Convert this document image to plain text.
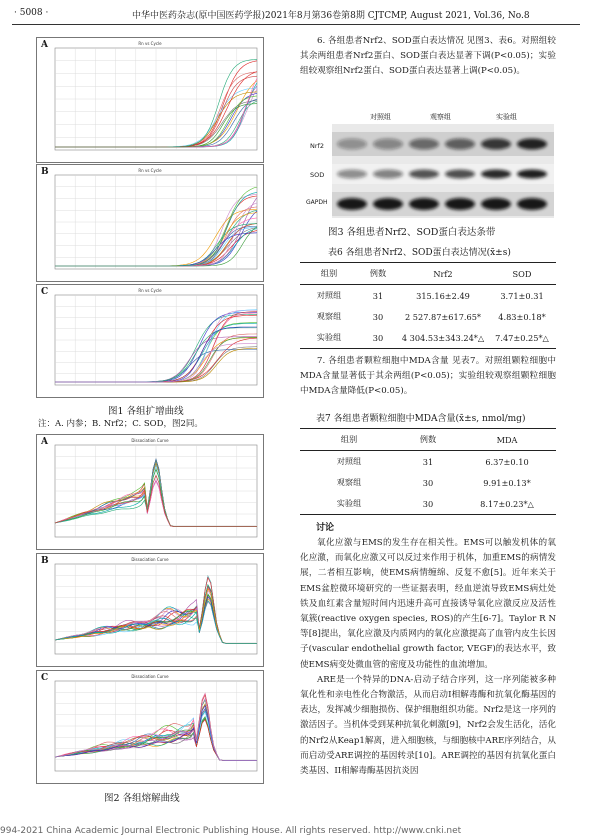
· 5008 ·	中华中医药杂志(原中国医药学报)2021年8月第36卷第8期 CJTCMP, August 2021, Vol.36, No.8
A	Rn vs Cycle
B	Rn vs Cycle
C	Rn vs Cycle
图1 各组扩增曲线
注：A. 内参；B. Nrf2；C. SOD，图2同。
A	Dissociation Curve
B	Dissociation Curve
C	Dissociation Curve
图2 各组熔解曲线

6. 各组患者Nrf2、SOD蛋白表达情况 见图3、表6。对照组较其余两组患者Nrf2蛋白、SOD蛋白表达显著下调(P<0.05)；实验组较观察组Nrf2蛋白、SOD蛋白表达显著上调(P<0.05)。

对照组	观察组	实验组
Nrf2
SOD
GAPDH
图3 各组患者Nrf2、SOD蛋白表达条带
表6 各组患者Nrf2、SOD蛋白表达情况(x̄±s)
组别	例数	Nrf2	SOD
对照组	31	315.16±2.49	3.71±0.31
观察组	30	2 527.87±617.65*	4.83±0.18*
实验组	30	4 304.53±343.24*△	7.47±0.25*△

7. 各组患者颗粒细胞中MDA含量 见表7。对照组颗粒细胞中MDA含量显著低于其余两组(P<0.05)；实验组较观察组颗粒细胞中MDA含量降低(P<0.05)。

表7 各组患者颗粒细胞中MDA含量(x̄±s, nmol/mg)
组别	例数	MDA
对照组	31	6.37±0.10
观察组	30	9.91±0.13*
实验组	30	8.17±0.23*△
讨论

氧化应激与EMS的发生存在相关性。EMS可以触发机体的氧化应激，而氧化应激又可以反过来作用于机体，加重EMS的病情发展，二者相互影响，使EMS病情缠绵、反复不愈[5]。近年来关于EMS盆腔微环境研究的一些证据表明，经血逆流导致EMS病灶处铁及血红素含量短时间内迅速升高可直接诱导氧化应激反应及活性氧簇(reactive oxygen species, ROS)的产生[6-7]。Taylor R N等[8]提出，氧化应激及内质网内的氧化应激提高了血管内皮生长因子(vascular endothelial growth factor, VEGF)的表达水平，致使EMS病变处微血管的密度及功能性的血流增加。

ARE是一个特异的DNA-启动子结合序列，这一序列能被多种氧化性和亲电性化合物激活，从而启动I相解毒酶和抗氧化酶基因的表达，发挥减少细胞损伤、保护细胞组织功能。Nrf2是这一序列的激活因子。当机体受到某种抗氧化刺激[9]，Nrf2会发生活化，活化的Nrf2从Keap1解离，进入细胞核，与细胞核中ARE序列结合，从而启动受ARE调控的基因转录[10]。ARE调控的基因有抗氧化蛋白类基因、II相解毒酶基因抗炎因

994-2021 China Academic Journal Electronic Publishing House. All rights reserved. http://www.cnki.net
